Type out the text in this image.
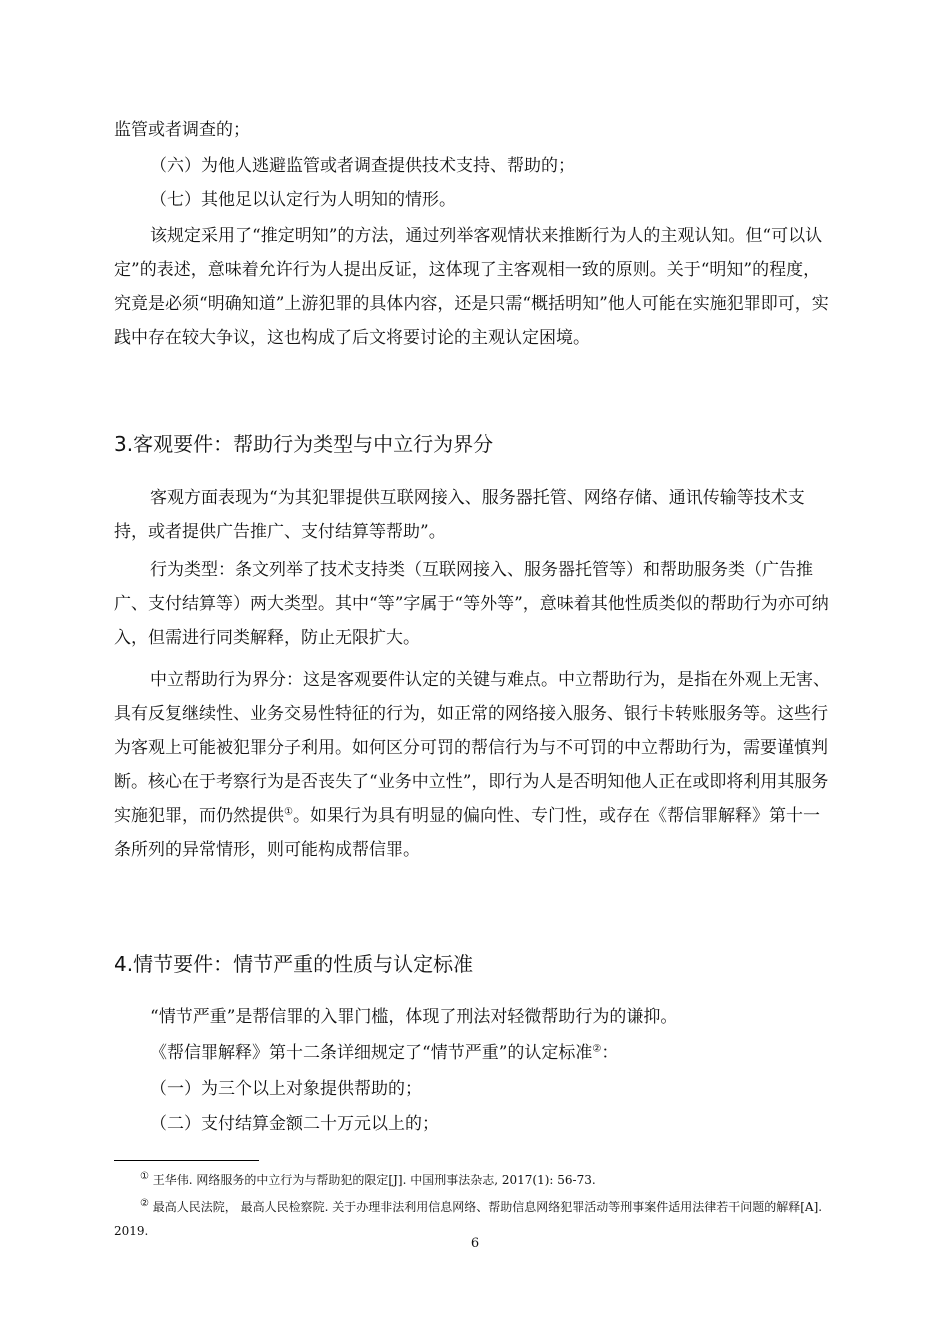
监管或者调查的；

（六）为他人逃避监管或者调查提供技术支持、帮助的；

（七）其他足以认定行为人明知的情形。

该规定采用了“推定明知”的方法，通过列举客观情状来推断行为人的主观认知。但“可以认定”的表述，意味着允许行为人提出反证，这体现了主客观相一致的原则。关于“明知”的程度，究竟是必须“明确知道”上游犯罪的具体内容，还是只需“概括明知”他人可能在实施犯罪即可，实践中存在较大争议，这也构成了后文将要讨论的主观认定困境。

3.客观要件：帮助行为类型与中立行为界分

客观方面表现为“为其犯罪提供互联网接入、服务器托管、网络存储、通讯传输等技术支持，或者提供广告推广、支付结算等帮助”。

行为类型：条文列举了技术支持类（互联网接入、服务器托管等）和帮助服务类（广告推广、支付结算等）两大类型。其中“等”字属于“等外等”，意味着其他性质类似的帮助行为亦可纳入，但需进行同类解释，防止无限扩大。

中立帮助行为界分：这是客观要件认定的关键与难点。中立帮助行为，是指在外观上无害、具有反复继续性、业务交易性特征的行为，如正常的网络接入服务、银行卡转账服务等。这些行为客观上可能被犯罪分子利用。如何区分可罚的帮信行为与不可罚的中立帮助行为，需要谨慎判断。核心在于考察行为是否丧失了“业务中立性”，即行为人是否明知他人正在或即将利用其服务实施犯罪，而仍然提供①。如果行为具有明显的偏向性、专门性，或存在《帮信罪解释》第十一条所列的异常情形，则可能构成帮信罪。

4.情节要件：情节严重的性质与认定标准

“情节严重”是帮信罪的入罪门槛，体现了刑法对轻微帮助行为的谦抑。

《帮信罪解释》第十二条详细规定了“情节严重”的认定标准②：

（一）为三个以上对象提供帮助的；

（二）支付结算金额二十万元以上的；

① 王华伟. 网络服务的中立行为与帮助犯的限定[J]. 中国刑事法杂志, 2017(1): 56-73.

② 最高人民法院， 最高人民检察院. 关于办理非法利用信息网络、帮助信息网络犯罪活动等刑事案件适用法律若干问题的解释[A]. 2019.

6
